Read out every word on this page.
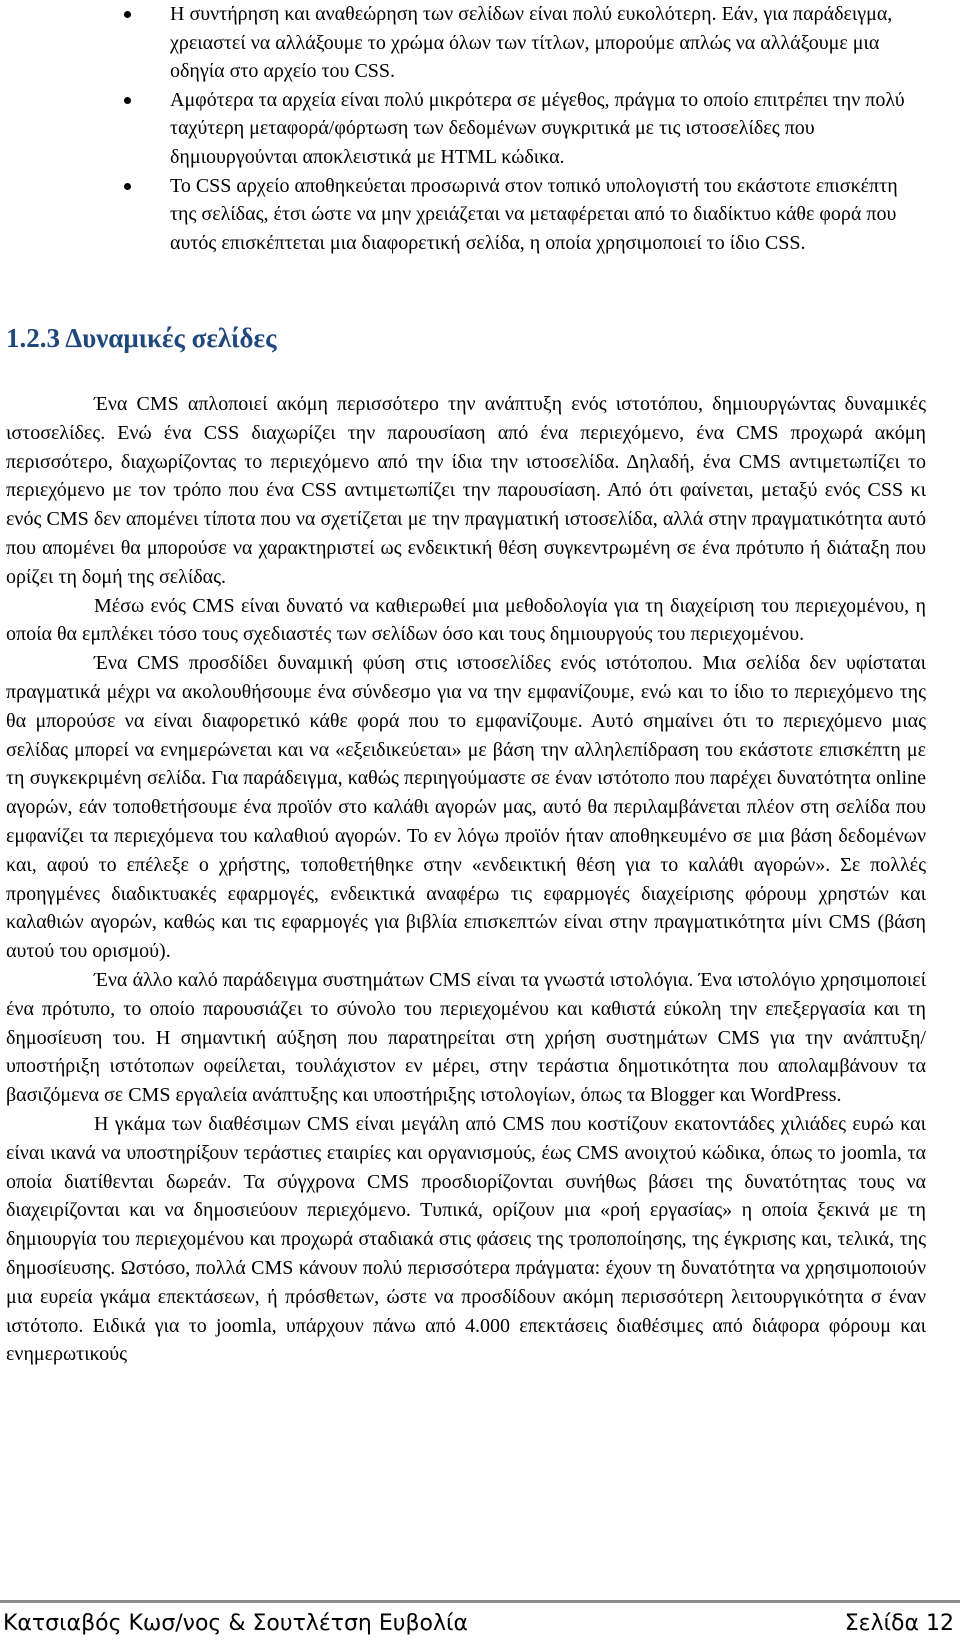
Η συντήρηση και αναθεώρηση των σελίδων είναι πολύ ευκολότερη. Εάν, για παράδειγμα, χρειαστεί να αλλάξουμε το χρώμα όλων των τίτλων, μπορούμε απλώς να αλλάξουμε μια οδηγία στο αρχείο του CSS.
Αμφότερα τα αρχεία είναι πολύ μικρότερα σε μέγεθος, πράγμα το οποίο επιτρέπει την πολύ ταχύτερη μεταφορά/φόρτωση των δεδομένων συγκριτικά με τις ιστοσελίδες που δημιουργούνται αποκλειστικά με HTML κώδικα.
Το CSS αρχείο αποθηκεύεται προσωρινά στον τοπικό υπολογιστή του εκάστοτε επισκέπτη της σελίδας, έτσι ώστε να μην χρειάζεται να μεταφέρεται από το διαδίκτυο κάθε φορά που αυτός επισκέπτεται μια διαφορετική σελίδα, η οποία χρησιμοποιεί το ίδιο CSS.
1.2.3 Δυναμικές σελίδες

Ένα CMS απλοποιεί ακόμη περισσότερο την ανάπτυξη ενός ιστοτόπου, δημιουργώντας δυναμικές ιστοσελίδες. Ενώ ένα CSS διαχωρίζει την παρουσίαση από ένα περιεχόμενο, ένα CMS προχωρά ακόμη περισσότερο, διαχωρίζοντας το περιεχόμενο από την ίδια την ιστοσελίδα. Δηλαδή, ένα CMS αντιμετωπίζει το περιεχόμενο με τον τρόπο που ένα CSS αντιμετωπίζει την παρουσίαση. Από ότι φαίνεται, μεταξύ ενός CSS κι ενός CMS δεν απομένει τίποτα που να σχετίζεται με την πραγματική ιστοσελίδα, αλλά στην πραγματικότητα αυτό που απομένει θα μπορούσε να χαρακτηριστεί ως ενδεικτική θέση συγκεντρωμένη σε ένα πρότυπο ή διάταξη που ορίζει τη δομή της σελίδας.

Μέσω ενός CMS είναι δυνατό να καθιερωθεί μια μεθοδολογία για τη διαχείριση του περιεχομένου, η οποία θα εμπλέκει τόσο τους σχεδιαστές των σελίδων όσο και τους δημιουργούς του περιεχομένου.

Ένα CMS προσδίδει δυναμική φύση στις ιστοσελίδες ενός ιστότοπου. Μια σελίδα δεν υφίσταται πραγματικά μέχρι να ακολουθήσουμε ένα σύνδεσμο για να την εμφανίζουμε, ενώ και το ίδιο το περιεχόμενο της θα μπορούσε να είναι διαφορετικό κάθε φορά που το εμφανίζουμε. Αυτό σημαίνει ότι το περιεχόμενο μιας σελίδας μπορεί να ενημερώνεται και να «εξειδικεύεται» με βάση την αλληλεπίδραση του εκάστοτε επισκέπτη με τη συγκεκριμένη σελίδα. Για παράδειγμα, καθώς περιηγούμαστε σε έναν ιστότοπο που παρέχει δυνατότητα online αγορών, εάν τοποθετήσουμε ένα προϊόν στο καλάθι αγορών μας, αυτό θα περιλαμβάνεται πλέον στη σελίδα που εμφανίζει τα περιεχόμενα του καλαθιού αγορών. Το εν λόγω προϊόν ήταν αποθηκευμένο σε μια βάση δεδομένων και, αφού το επέλεξε ο χρήστης, τοποθετήθηκε στην «ενδεικτική θέση για το καλάθι αγορών». Σε πολλές προηγμένες διαδικτυακές εφαρμογές, ενδεικτικά αναφέρω τις εφαρμογές διαχείρισης φόρουμ χρηστών και καλαθιών αγορών, καθώς και τις εφαρμογές για βιβλία επισκεπτών είναι στην πραγματικότητα μίνι CMS (βάση αυτού του ορισμού).

Ένα άλλο καλό παράδειγμα συστημάτων CMS είναι τα γνωστά ιστολόγια. Ένα ιστολόγιο χρησιμοποιεί ένα πρότυπο, το οποίο παρουσιάζει το σύνολο του περιεχομένου και καθιστά εύκολη την επεξεργασία και τη δημοσίευση του. Η σημαντική αύξηση που παρατηρείται στη χρήση συστημάτων CMS για την ανάπτυξη/υποστήριξη ιστότοπων οφείλεται, τουλάχιστον εν μέρει, στην τεράστια δημοτικότητα που απολαμβάνουν τα βασιζόμενα σε CMS εργαλεία ανάπτυξης και υποστήριξης ιστολογίων, όπως τα Blogger και WordPress.

Η γκάμα των διαθέσιμων CMS είναι μεγάλη από CMS που κοστίζουν εκατοντάδες χιλιάδες ευρώ και είναι ικανά να υποστηρίξουν τεράστιες εταιρίες και οργανισμούς, έως CMS ανοιχτού κώδικα, όπως το joomla, τα οποία διατίθενται δωρεάν. Τα σύγχρονα CMS προσδιορίζονται συνήθως βάσει της δυνατότητας τους να διαχειρίζονται και να δημοσιεύουν περιεχόμενο. Τυπικά, ορίζουν μια «ροή εργασίας» η οποία ξεκινά με τη δημιουργία του περιεχομένου και προχωρά σταδιακά στις φάσεις της τροποποίησης, της έγκρισης και, τελικά, της δημοσίευσης. Ωστόσο, πολλά CMS κάνουν πολύ περισσότερα πράγματα: έχουν τη δυνατότητα να χρησιμοποιούν μια ευρεία γκάμα επεκτάσεων, ή πρόσθετων, ώστε να προσδίδουν ακόμη περισσότερη λειτουργικότητα σ έναν ιστότοπο. Ειδικά για το joomla, υπάρχουν πάνω από 4.000 επεκτάσεις διαθέσιμες από διάφορα φόρουμ και ενημερωτικούς

Κατσιαβός Κωσ/νος & Σουτλέτση Ευβολία	Σελίδα 12
